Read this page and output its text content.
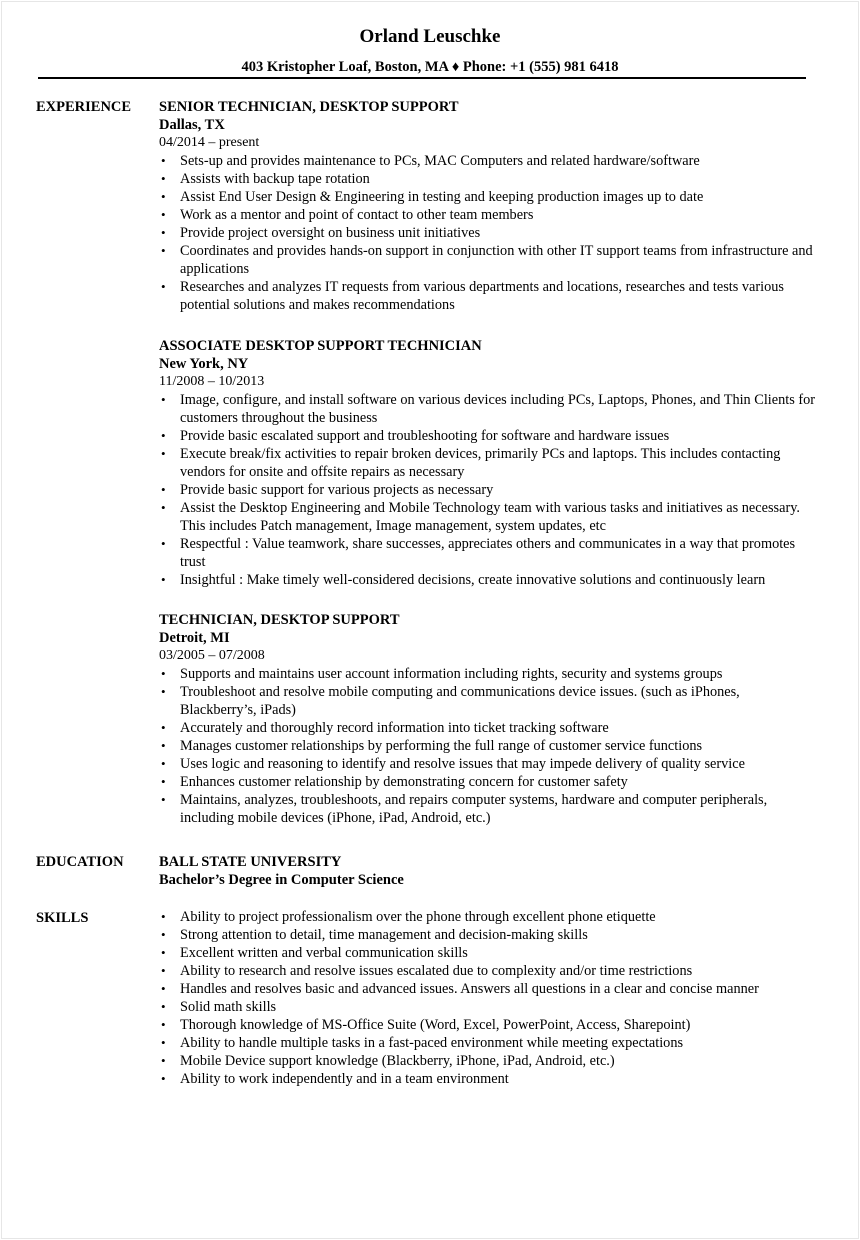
Orland Leuschke
403 Kristopher Loaf, Boston, MA ♦ Phone: +1 (555) 981 6418
EXPERIENCE SENIOR TECHNICIAN, DESKTOP SUPPORT
Dallas, TX
04/2014 – present
• Sets-up and provides maintenance to PCs, MAC Computers and related hardware/software
• Assists with backup tape rotation
• Assist End User Design & Engineering in testing and keeping production images up to date
• Work as a mentor and point of contact to other team members
• Provide project oversight on business unit initiatives
• Coordinates and provides hands-on support in conjunction with other IT support teams from infrastructure and applications
• Researches and analyzes IT requests from various departments and locations, researches and tests various potential solutions and makes recommendations
ASSOCIATE DESKTOP SUPPORT TECHNICIAN
New York, NY
11/2008 – 10/2013
• Image, configure, and install software on various devices including PCs, Laptops, Phones, and Thin Clients for customers throughout the business
• Provide basic escalated support and troubleshooting for software and hardware issues
• Execute break/fix activities to repair broken devices, primarily PCs and laptops. This includes contacting vendors for onsite and offsite repairs as necessary
• Provide basic support for various projects as necessary
• Assist the Desktop Engineering and Mobile Technology team with various tasks and initiatives as necessary. This includes Patch management, Image management, system updates, etc
• Respectful : Value teamwork, share successes, appreciates others and communicates in a way that promotes trust
• Insightful : Make timely well-considered decisions, create innovative solutions and continuously learn
TECHNICIAN, DESKTOP SUPPORT
Detroit, MI
03/2005 – 07/2008
• Supports and maintains user account information including rights, security and systems groups
• Troubleshoot and resolve mobile computing and communications device issues. (such as iPhones, Blackberry’s, iPads)
• Accurately and thoroughly record information into ticket tracking software
• Manages customer relationships by performing the full range of customer service functions
• Uses logic and reasoning to identify and resolve issues that may impede delivery of quality service
• Enhances customer relationship by demonstrating concern for customer safety
• Maintains, analyzes, troubleshoots, and repairs computer systems, hardware and computer peripherals, including mobile devices (iPhone, iPad, Android, etc.)
EDUCATION BALL STATE UNIVERSITY
Bachelor’s Degree in Computer Science
SKILLS	• Ability to project professionalism over the phone through excellent phone etiquette
• Strong attention to detail, time management and decision-making skills
• Excellent written and verbal communication skills
• Ability to research and resolve issues escalated due to complexity and/or time restrictions
• Handles and resolves basic and advanced issues. Answers all questions in a clear and concise manner
• Solid math skills
• Thorough knowledge of MS-Office Suite (Word, Excel, PowerPoint, Access, Sharepoint)
• Ability to handle multiple tasks in a fast-paced environment while meeting expectations
• Mobile Device support knowledge (Blackberry, iPhone, iPad, Android, etc.)
• Ability to work independently and in a team environment
